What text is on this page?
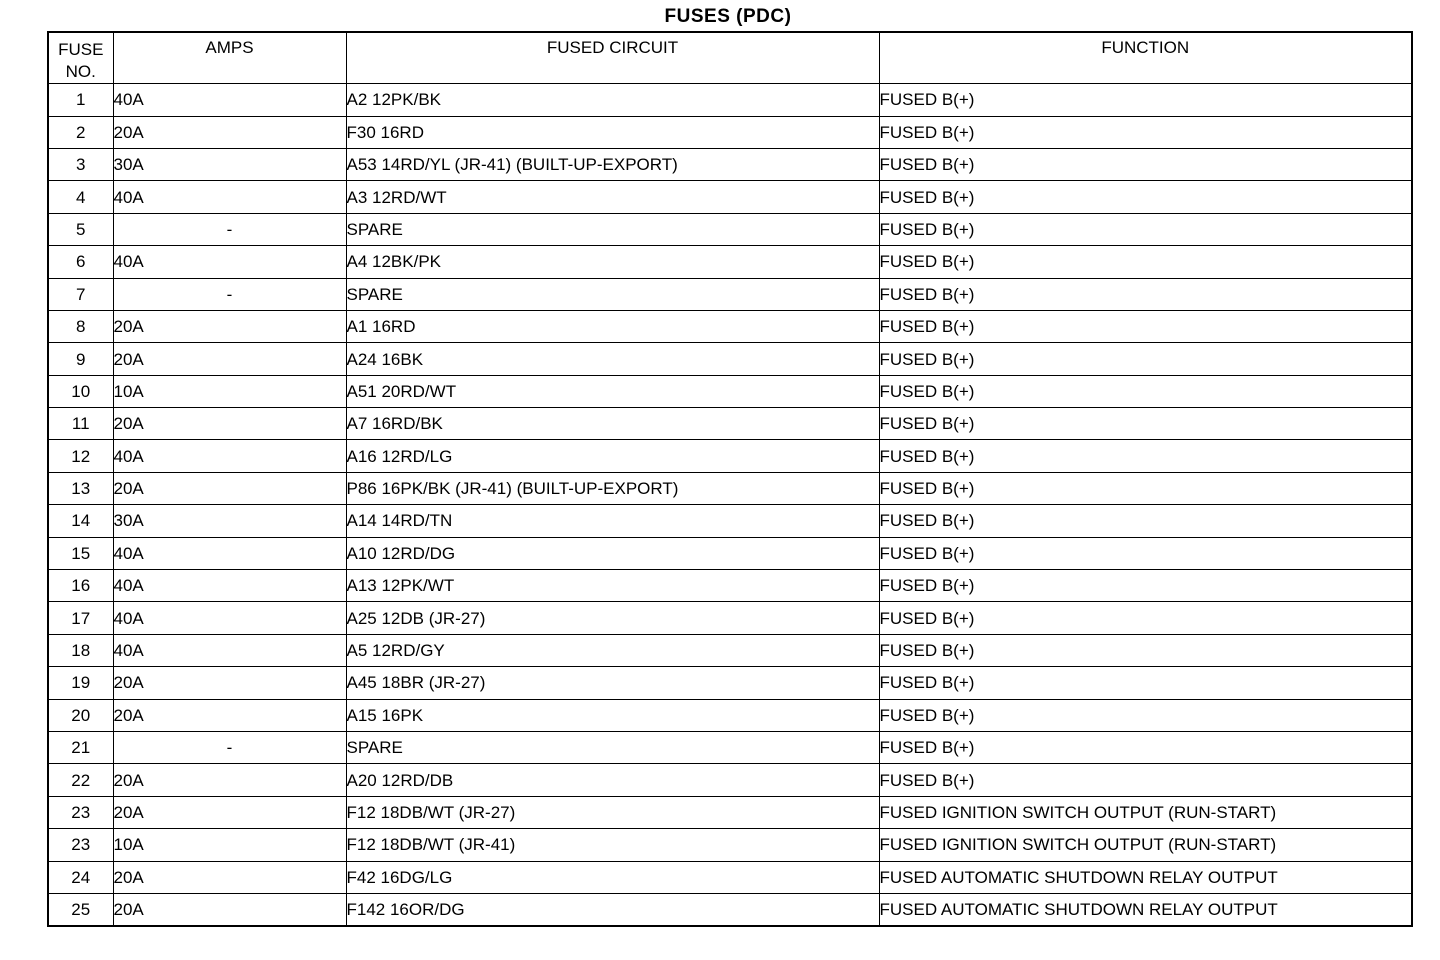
FUSES (PDC)
FUSE
NO.	AMPS	FUSED CIRCUIT	FUNCTION
1	40A	A2 12PK/BK	FUSED B(+)
2	20A	F30 16RD	FUSED B(+)
3	30A	A53 14RD/YL (JR-41) (BUILT-UP-EXPORT)	FUSED B(+)
4	40A	A3 12RD/WT	FUSED B(+)
5	-	SPARE	FUSED B(+)
6	40A	A4 12BK/PK	FUSED B(+)
7	-	SPARE	FUSED B(+)
8	20A	A1 16RD	FUSED B(+)
9	20A	A24 16BK	FUSED B(+)
10	10A	A51 20RD/WT	FUSED B(+)
11	20A	A7 16RD/BK	FUSED B(+)
12	40A	A16 12RD/LG	FUSED B(+)
13	20A	P86 16PK/BK (JR-41) (BUILT-UP-EXPORT)	FUSED B(+)
14	30A	A14 14RD/TN	FUSED B(+)
15	40A	A10 12RD/DG	FUSED B(+)
16	40A	A13 12PK/WT	FUSED B(+)
17	40A	A25 12DB (JR-27)	FUSED B(+)
18	40A	A5 12RD/GY	FUSED B(+)
19	20A	A45 18BR (JR-27)	FUSED B(+)
20	20A	A15 16PK	FUSED B(+)
21	-	SPARE	FUSED B(+)
22	20A	A20 12RD/DB	FUSED B(+)
23	20A	F12 18DB/WT (JR-27)	FUSED IGNITION SWITCH OUTPUT (RUN-START)
23	10A	F12 18DB/WT (JR-41)	FUSED IGNITION SWITCH OUTPUT (RUN-START)
24	20A	F42 16DG/LG	FUSED AUTOMATIC SHUTDOWN RELAY OUTPUT
25	20A	F142 16OR/DG	FUSED AUTOMATIC SHUTDOWN RELAY OUTPUT
